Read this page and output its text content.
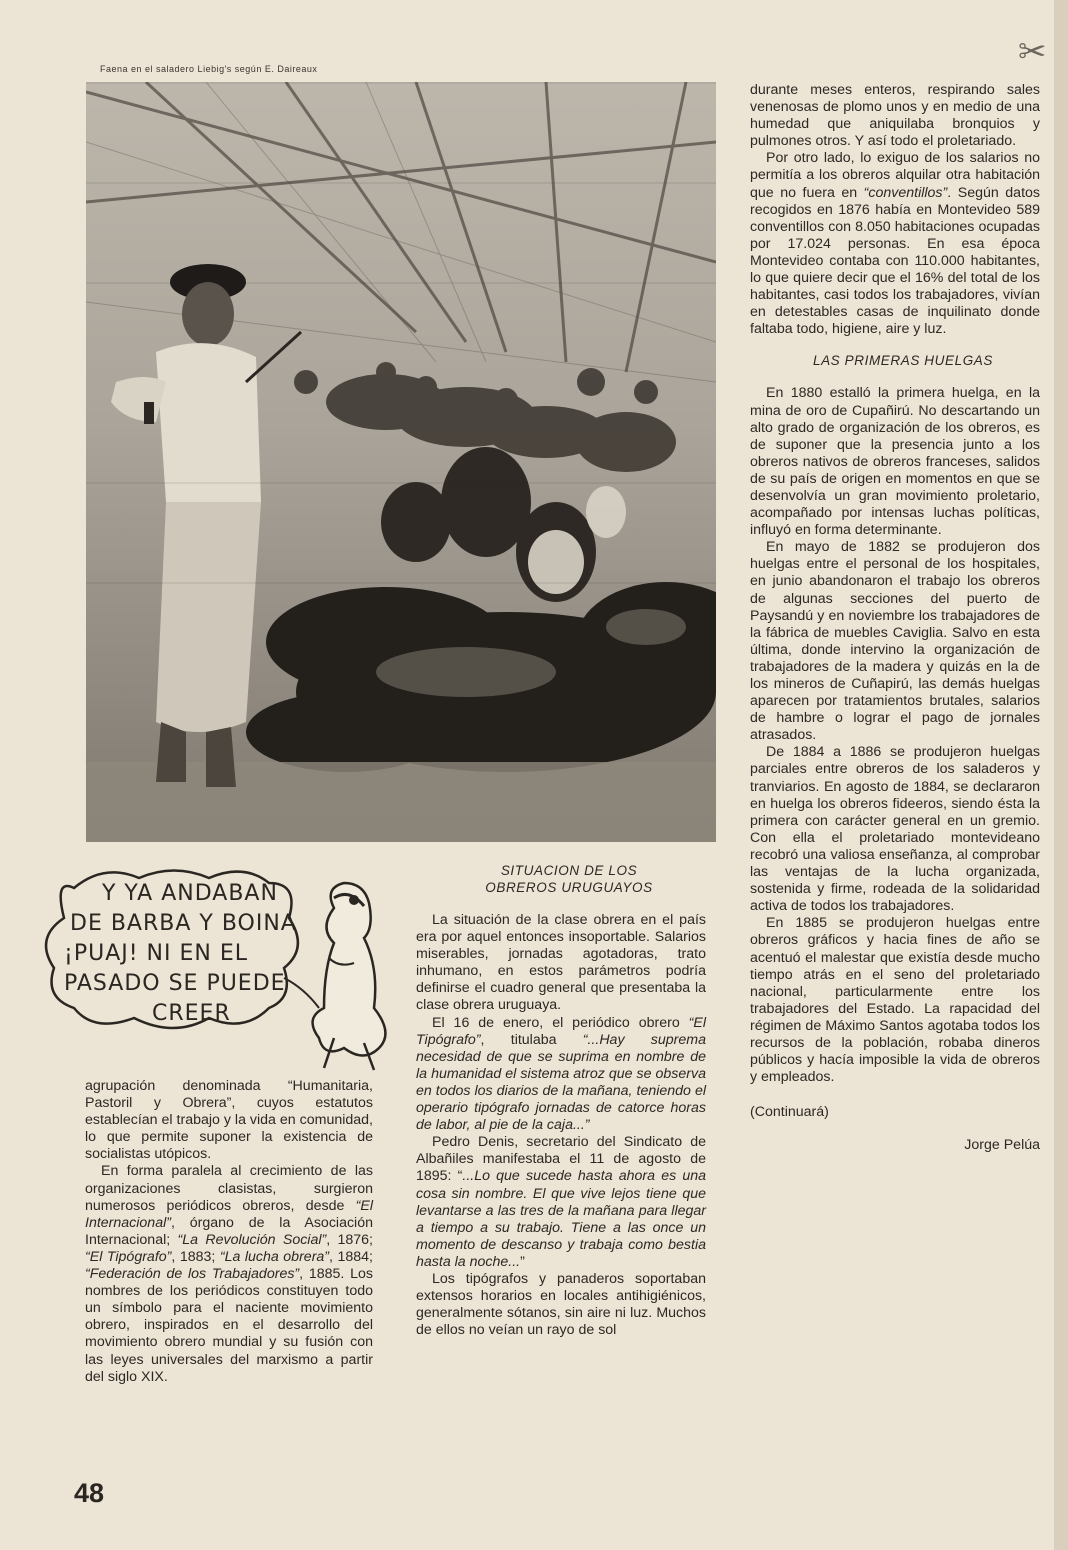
✂
Faena en el saladero Liebig's según E. Daireaux

durante meses enteros, respirando sales venenosas de plomo unos y en medio de una humedad que aniquilaba bronquios y pulmones otros. Y así todo el proletariado.

Por otro lado, lo exiguo de los salarios no permitía a los obreros alquilar otra habitación que no fuera en “conventillos”. Según datos recogidos en 1876 había en Montevideo 589 conventillos con 8.050 habitaciones ocupadas por 17.024 personas. En esa época Montevideo contaba con 110.000 habitantes, lo que quiere decir que el 16% del total de los habitantes, casi todos los trabajadores, vivían en detestables casas de inquilinato donde faltaba todo, higiene, aire y luz.

LAS PRIMERAS HUELGAS

En 1880 estalló la primera huelga, en la mina de oro de Cupañirú. No descartando un alto grado de organización de los obreros, es de suponer que la presencia junto a los obreros nativos de obreros franceses, salidos de su país de origen en momentos en que se desenvolvía un gran movimiento proletario, acompañado por intensas luchas políticas, influyó en forma determinante.

En mayo de 1882 se produjeron dos huelgas entre el personal de los hospitales, en junio abandonaron el trabajo los obreros de algunas secciones del puerto de Paysandú y en noviembre los trabajadores de la fábrica de muebles Caviglia. Salvo en esta última, donde intervino la organización de trabajadores de la madera y quizás en la de los mineros de Cuñapirú, las demás huelgas aparecen por tratamientos brutales, salarios de hambre o lograr el pago de jornales atrasados.

De 1884 a 1886 se produjeron huelgas parciales entre obreros de los saladeros y tranviarios. En agosto de 1884, se declararon en huelga los obreros fideeros, siendo ésta la primera con carácter general en un gremio. Con ella el proletariado montevideano recobró una valiosa enseñanza, al comprobar las ventajas de la lucha organizada, sostenida y firme, rodeada de la solidaridad activa de todos los trabajadores.

En 1885 se produjeron huelgas entre obreros gráficos y hacia fines de año se acentuó el malestar que existía desde mucho tiempo atrás en el seno del proletariado nacional, particularmente entre los trabajadores del Estado. La rapacidad del régimen de Máximo Santos agotaba todos los recursos de la población, robaba dineros públicos y hacía imposible la vida de obreros y empleados.

(Continuará)

Jorge Pelúa

SITUACION DE LOS

OBREROS URUGUAYOS

La situación de la clase obrera en el país era por aquel entonces insoportable. Salarios miserables, jornadas agotadoras, trato inhumano, en estos parámetros podría definirse el cuadro general que presentaba la clase obrera uruguaya.

El 16 de enero, el periódico obrero “El Tipógrafo”, titulaba “...Hay suprema necesidad de que se suprima en nombre de la humanidad el sistema atroz que se observa en todos los diarios de la mañana, teniendo el operario tipógrafo jornadas de catorce horas de labor, al pie de la caja...”

Pedro Denis, secretario del Sindicato de Albañiles manifestaba el 11 de agosto de 1895: “...Lo que sucede hasta ahora es una cosa sin nombre. El que vive lejos tiene que levantarse a las tres de la mañana para llegar a tiempo a su trabajo. Tiene a las once un momento de descanso y trabaja como bestia hasta la noche...”

Los tipógrafos y panaderos soportaban extensos horarios en locales antihigiénicos, generalmente sótanos, sin aire ni luz. Muchos de ellos no veían un rayo de sol

Y YA ANDABAN DE BARBA Y BOINA ¡PUAJ! NI EN EL PASADO SE PUEDE CREER

agrupación denominada “Humanitaria, Pastoril y Obrera”, cuyos estatutos establecían el trabajo y la vida en comunidad, lo que permite suponer la existencia de socialistas utópicos.

En forma paralela al crecimiento de las organizaciones clasistas, surgieron numerosos periódicos obreros, desde “El Internacional”, órgano de la Asociación Internacional; “La Revolución Social”, 1876; “El Tipógrafo”, 1883; “La lucha obrera”, 1884; “Federación de los Trabajadores”, 1885. Los nombres de los periódicos constituyen todo un símbolo para el naciente movimiento obrero, inspirados en el desarrollo del movimiento obrero mundial y su fusión con las leyes universales del marxismo a partir del siglo XIX.

48
